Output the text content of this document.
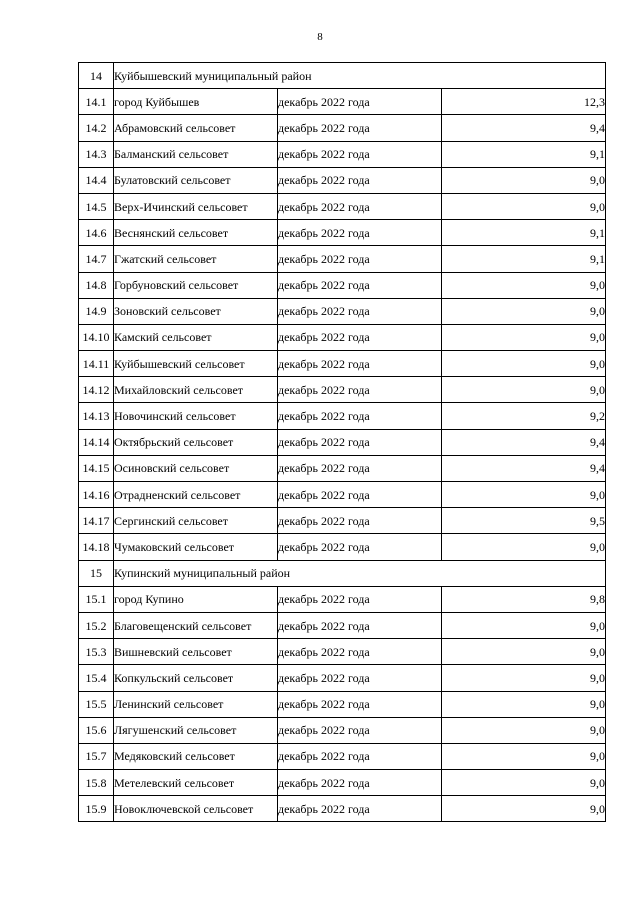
8
14	Куйбышевский муниципальный район		
14.1	город Куйбышев	декабрь 2022 года	12,3
14.2	Абрамовский сельсовет	декабрь 2022 года	9,4
14.3	Балманский сельсовет	декабрь 2022 года	9,1
14.4	Булатовский сельсовет	декабрь 2022 года	9,0
14.5	Верх-Ичинский сельсовет	декабрь 2022 года	9,0
14.6	Веснянский сельсовет	декабрь 2022 года	9,1
14.7	Гжатский сельсовет	декабрь 2022 года	9,1
14.8	Горбуновский сельсовет	декабрь 2022 года	9,0
14.9	Зоновский сельсовет	декабрь 2022 года	9,0
14.10	Камский сельсовет	декабрь 2022 года	9,0
14.11	Куйбышевский сельсовет	декабрь 2022 года	9,0
14.12	Михайловский сельсовет	декабрь 2022 года	9,0
14.13	Новочинский сельсовет	декабрь 2022 года	9,2
14.14	Октябрьский сельсовет	декабрь 2022 года	9,4
14.15	Осиновский сельсовет	декабрь 2022 года	9,4
14.16	Отрадненский сельсовет	декабрь 2022 года	9,0
14.17	Сергинский сельсовет	декабрь 2022 года	9,5
14.18	Чумаковский сельсовет	декабрь 2022 года	9,0
15	Купинский муниципальный район		
15.1	город Купино	декабрь 2022 года	9,8
15.2	Благовещенский сельсовет	декабрь 2022 года	9,0
15.3	Вишневский сельсовет	декабрь 2022 года	9,0
15.4	Копкульский сельсовет	декабрь 2022 года	9,0
15.5	Ленинский сельсовет	декабрь 2022 года	9,0
15.6	Лягушенский сельсовет	декабрь 2022 года	9,0
15.7	Медяковский сельсовет	декабрь 2022 года	9,0
15.8	Метелевский сельсовет	декабрь 2022 года	9,0
15.9	Новоключевской сельсовет	декабрь 2022 года	9,0
